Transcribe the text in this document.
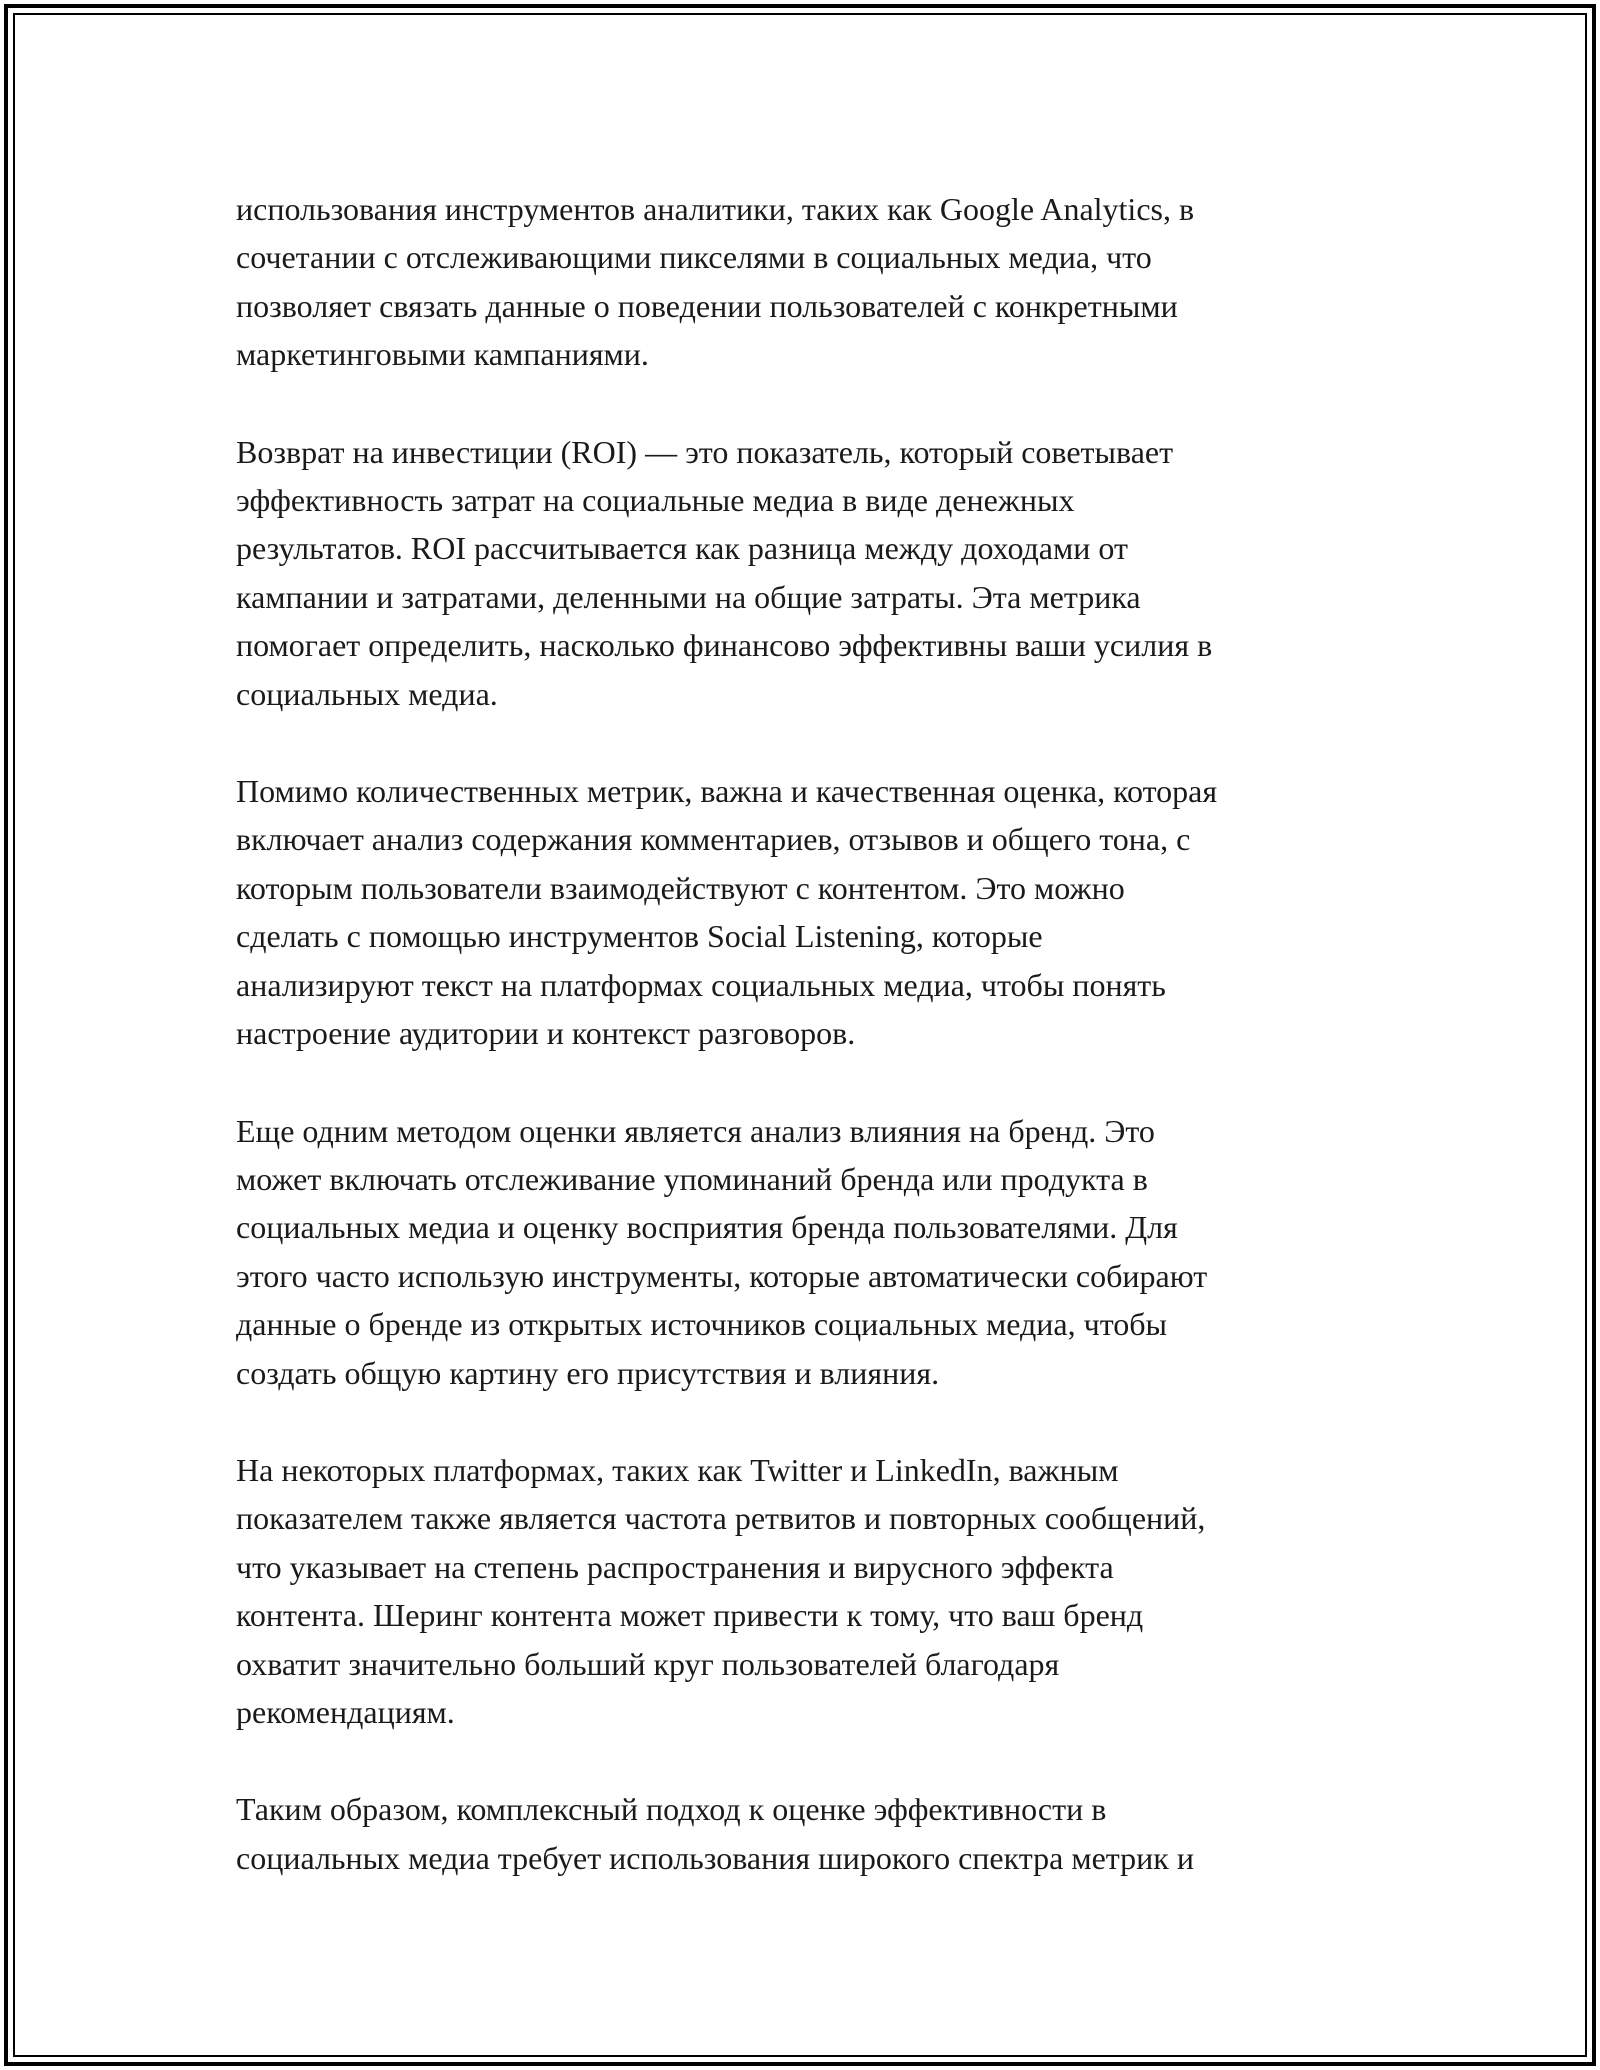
использования инструментов аналитики, таких как Google Analytics, в
сочетании с отслеживающими пикселями в социальных медиа, что
позволяет связать данные о поведении пользователей с конкретными
маркетинговыми кампаниями.

Возврат на инвестиции (ROI) — это показатель, который советывает
эффективность затрат на социальные медиа в виде денежных
результатов. ROI рассчитывается как разница между доходами от
кампании и затратами, деленными на общие затраты. Эта метрика
помогает определить, насколько финансово эффективны ваши усилия в
социальных медиа.

Помимо количественных метрик, важна и качественная оценка, которая
включает анализ содержания комментариев, отзывов и общего тона, с
которым пользователи взаимодействуют с контентом. Это можно
сделать с помощью инструментов Social Listening, которые
анализируют текст на платформах социальных медиа, чтобы понять
настроение аудитории и контекст разговоров.

Еще одним методом оценки является анализ влияния на бренд. Это
может включать отслеживание упоминаний бренда или продукта в
социальных медиа и оценку восприятия бренда пользователями. Для
этого часто использую инструменты, которые автоматически собирают
данные о бренде из открытых источников социальных медиа, чтобы
создать общую картину его присутствия и влияния.

На некоторых платформах, таких как Twitter и LinkedIn, важным
показателем также является частота ретвитов и повторных сообщений,
что указывает на степень распространения и вирусного эффекта
контента. Шеринг контента может привести к тому, что ваш бренд
охватит значительно больший круг пользователей благодаря
рекомендациям.

Таким образом, комплексный подход к оценке эффективности в
социальных медиа требует использования широкого спектра метрик и
